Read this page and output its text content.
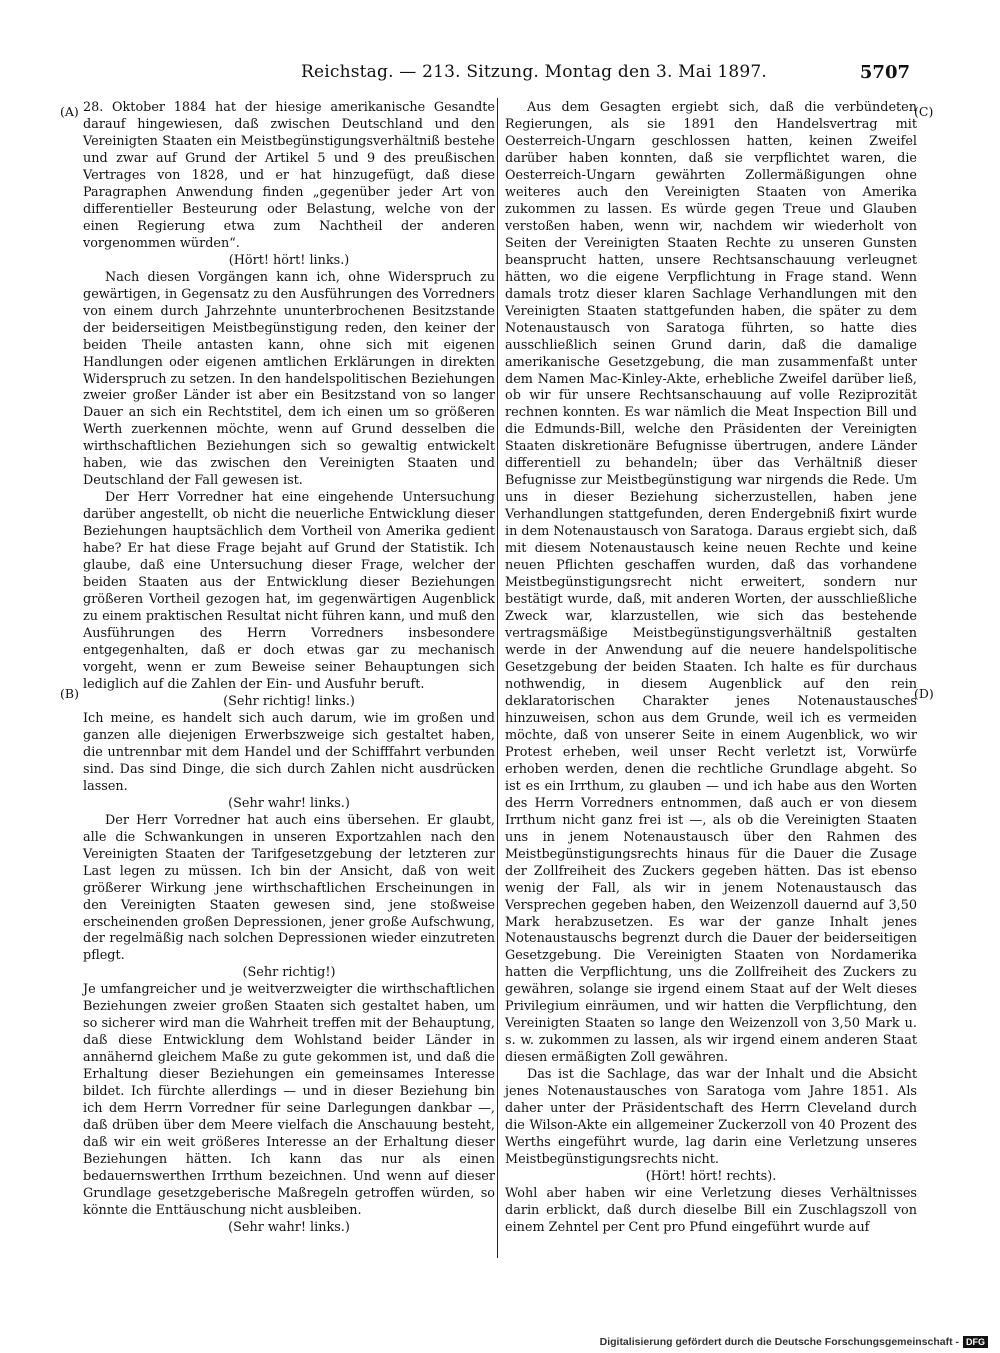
Reichstag. — 213. Sitzung. Montag den 3. Mai 1897.	5707
(A)
(B)
(C)
(D)

28. Oktober 1884 hat der hiesige amerikanische Gesandte darauf hingewiesen, daß zwischen Deutschland und den Vereinigten Staaten ein Meistbegünstigungsverhältniß bestehe und zwar auf Grund der Artikel 5 und 9 des preußischen Vertrages von 1828, und er hat hinzugefügt, daß diese Paragraphen Anwendung finden „gegenüber jeder Art von differentieller Besteurung oder Belastung, welche von der einen Regierung etwa zum Nachtheil der anderen vorgenommen würden“.

(Hört! hört! links.)

Nach diesen Vorgängen kann ich, ohne Widerspruch zu gewärtigen, in Gegensatz zu den Ausführungen des Vorredners von einem durch Jahrzehnte ununterbrochenen Besitzstande der beiderseitigen Meistbegünstigung reden, den keiner der beiden Theile antasten kann, ohne sich mit eigenen Handlungen oder eigenen amtlichen Erklärungen in direkten Widerspruch zu setzen. In den handelspolitischen Beziehungen zweier großer Länder ist aber ein Besitzstand von so langer Dauer an sich ein Rechtstitel, dem ich einen um so größeren Werth zuerkennen möchte, wenn auf Grund desselben die wirthschaftlichen Beziehungen sich so gewaltig entwickelt haben, wie das zwischen den Vereinigten Staaten und Deutschland der Fall gewesen ist.

Der Herr Vorredner hat eine eingehende Untersuchung darüber angestellt, ob nicht die neuerliche Entwicklung dieser Beziehungen hauptsächlich dem Vortheil von Amerika gedient habe? Er hat diese Frage bejaht auf Grund der Statistik. Ich glaube, daß eine Untersuchung dieser Frage, welcher der beiden Staaten aus der Entwicklung dieser Beziehungen größeren Vortheil gezogen hat, im gegenwärtigen Augenblick zu einem praktischen Resultat nicht führen kann, und muß den Ausführungen des Herrn Vorredners insbesondere entgegenhalten, daß er doch etwas gar zu mechanisch vorgeht, wenn er zum Beweise seiner Behauptungen sich lediglich auf die Zahlen der Ein- und Ausfuhr beruft.

(Sehr richtig! links.)

Ich meine, es handelt sich auch darum, wie im großen und ganzen alle diejenigen Erwerbszweige sich gestaltet haben, die untrennbar mit dem Handel und der Schifffahrt verbunden sind. Das sind Dinge, die sich durch Zahlen nicht ausdrücken lassen.

(Sehr wahr! links.)

Der Herr Vorredner hat auch eins übersehen. Er glaubt, alle die Schwankungen in unseren Exportzahlen nach den Vereinigten Staaten der Tarifgesetzgebung der letzteren zur Last legen zu müssen. Ich bin der Ansicht, daß von weit größerer Wirkung jene wirthschaftlichen Erscheinungen in den Vereinigten Staaten gewesen sind, jene stoßweise erscheinenden großen Depressionen, jener große Aufschwung, der regelmäßig nach solchen Depressionen wieder einzutreten pflegt.

(Sehr richtig!)

Je umfangreicher und je weitverzweigter die wirthschaftlichen Beziehungen zweier großen Staaten sich gestaltet haben, um so sicherer wird man die Wahrheit treffen mit der Behauptung, daß diese Entwicklung dem Wohlstand beider Länder in annähernd gleichem Maße zu gute gekommen ist, und daß die Erhaltung dieser Beziehungen ein gemeinsames Interesse bildet. Ich fürchte allerdings — und in dieser Beziehung bin ich dem Herrn Vorredner für seine Darlegungen dankbar —, daß drüben über dem Meere vielfach die Anschauung besteht, daß wir ein weit größeres Interesse an der Erhaltung dieser Beziehungen hätten. Ich kann das nur als einen bedauernswerthen Irrthum bezeichnen. Und wenn auf dieser Grundlage gesetzgeberische Maßregeln getroffen würden, so könnte die Enttäuschung nicht ausbleiben.

(Sehr wahr! links.)

Aus dem Gesagten ergiebt sich, daß die verbündeten Regierungen, als sie 1891 den Handelsvertrag mit Oesterreich-Ungarn geschlossen hatten, keinen Zweifel darüber haben konnten, daß sie verpflichtet waren, die Oesterreich-Ungarn gewährten Zollermäßigungen ohne weiteres auch den Vereinigten Staaten von Amerika zukommen zu lassen. Es würde gegen Treue und Glauben verstoßen haben, wenn wir, nachdem wir wiederholt von Seiten der Vereinigten Staaten Rechte zu unseren Gunsten beansprucht hatten, unsere Rechtsanschauung verleugnet hätten, wo die eigene Verpflichtung in Frage stand. Wenn damals trotz dieser klaren Sachlage Verhandlungen mit den Vereinigten Staaten stattgefunden haben, die später zu dem Notenaustausch von Saratoga führten, so hatte dies ausschließlich seinen Grund darin, daß die damalige amerikanische Gesetzgebung, die man zusammenfaßt unter dem Namen Mac-Kinley-Akte, erhebliche Zweifel darüber ließ, ob wir für unsere Rechtsanschauung auf volle Reziprozität rechnen konnten. Es war nämlich die Meat Inspection Bill und die Edmunds-Bill, welche den Präsidenten der Vereinigten Staaten diskretionäre Befugnisse übertrugen, andere Länder differentiell zu behandeln; über das Verhältniß dieser Befugnisse zur Meistbegünstigung war nirgends die Rede. Um uns in dieser Beziehung sicherzustellen, haben jene Verhandlungen stattgefunden, deren Endergebniß fixirt wurde in dem Notenaustausch von Saratoga. Daraus ergiebt sich, daß mit diesem Notenaustausch keine neuen Rechte und keine neuen Pflichten geschaffen wurden, daß das vorhandene Meistbegünstigungsrecht nicht erweitert, sondern nur bestätigt wurde, daß, mit anderen Worten, der ausschließliche Zweck war, klarzustellen, wie sich das bestehende vertragsmäßige Meistbegünstigungsverhältniß gestalten werde in der Anwendung auf die neuere handelspolitische Gesetzgebung der beiden Staaten. Ich halte es für durchaus nothwendig, in diesem Augenblick auf den rein deklaratorischen Charakter jenes Notenaustausches hinzuweisen, schon aus dem Grunde, weil ich es vermeiden möchte, daß von unserer Seite in einem Augenblick, wo wir Protest erheben, weil unser Recht verletzt ist, Vorwürfe erhoben werden, denen die rechtliche Grundlage abgeht. So ist es ein Irrthum, zu glauben — und ich habe aus den Worten des Herrn Vorredners entnommen, daß auch er von diesem Irrthum nicht ganz frei ist —, als ob die Vereinigten Staaten uns in jenem Notenaustausch über den Rahmen des Meistbegünstigungsrechts hinaus für die Dauer die Zusage der Zollfreiheit des Zuckers gegeben hätten. Das ist ebenso wenig der Fall, als wir in jenem Notenaustausch das Versprechen gegeben haben, den Weizenzoll dauernd auf 3,50 Mark herabzusetzen. Es war der ganze Inhalt jenes Notenaustauschs begrenzt durch die Dauer der beiderseitigen Gesetzgebung. Die Vereinigten Staaten von Nordamerika hatten die Verpflichtung, uns die Zollfreiheit des Zuckers zu gewähren, solange sie irgend einem Staat auf der Welt dieses Privilegium einräumen, und wir hatten die Verpflichtung, den Vereinigten Staaten so lange den Weizenzoll von 3,50 Mark u. s. w. zukommen zu lassen, als wir irgend einem anderen Staat diesen ermäßigten Zoll gewähren.

Das ist die Sachlage, das war der Inhalt und die Absicht jenes Notenaustausches von Saratoga vom Jahre 1851. Als daher unter der Präsidentschaft des Herrn Cleveland durch die Wilson-Akte ein allgemeiner Zuckerzoll von 40 Prozent des Werths eingeführt wurde, lag darin eine Verletzung unseres Meistbegünstigungsrechts nicht.

(Hört! hört! rechts).

Wohl aber haben wir eine Verletzung dieses Verhältnisses darin erblickt, daß durch dieselbe Bill ein Zuschlagszoll von einem Zehntel per Cent pro Pfund eingeführt wurde auf

Digitalisierung gefördert durch die Deutsche Forschungsgemeinschaft - DFG
